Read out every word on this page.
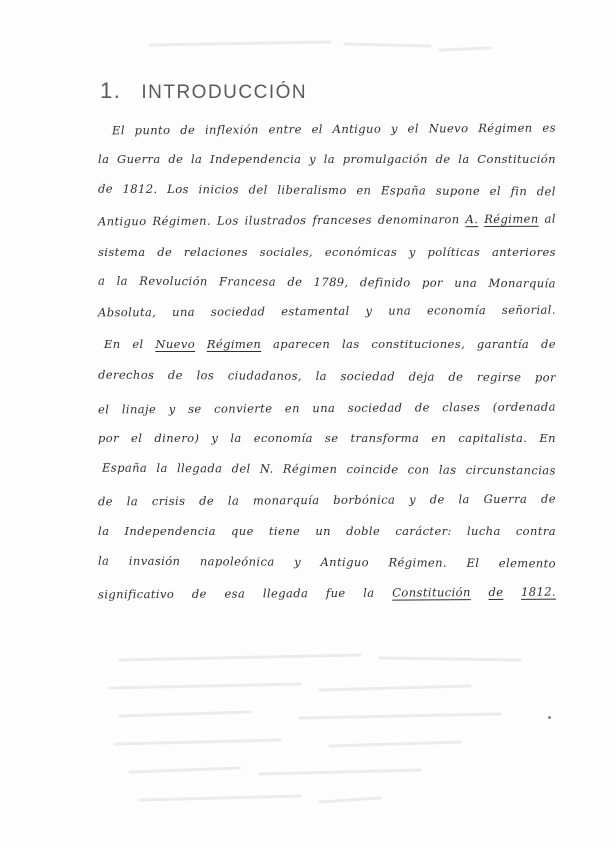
1. INTRODUCCIÓN
El punto de inflexión entre el Antiguo y el Nuevo Régimen es
la Guerra de la Independencia y la promulgación de la Constitución
de 1812. Los inicios del liberalismo en España supone el fin del
Antiguo Régimen. Los ilustrados franceses denominaron A. Régimen al
sistema de relaciones sociales, económicas y políticas anteriores
a la Revolución Francesa de 1789, definido por una Monarquía
Absoluta, una sociedad estamental y una economía señorial.
En el Nuevo Régimen aparecen las constituciones, garantía de
derechos de los ciudadanos, la sociedad deja de regirse por
el linaje y se convierte en una sociedad de clases (ordenada
por el dinero) y la economía se transforma en capitalista. En
España la llegada del N. Régimen coincide con las circunstancias
de la crisis de la monarquía borbónica y de la Guerra de
la Independencia que tiene un doble carácter: lucha contra
la invasión napoleónica y Antiguo Régimen. El elemento
significativo de esa llegada fue la Constitución de 1812.
